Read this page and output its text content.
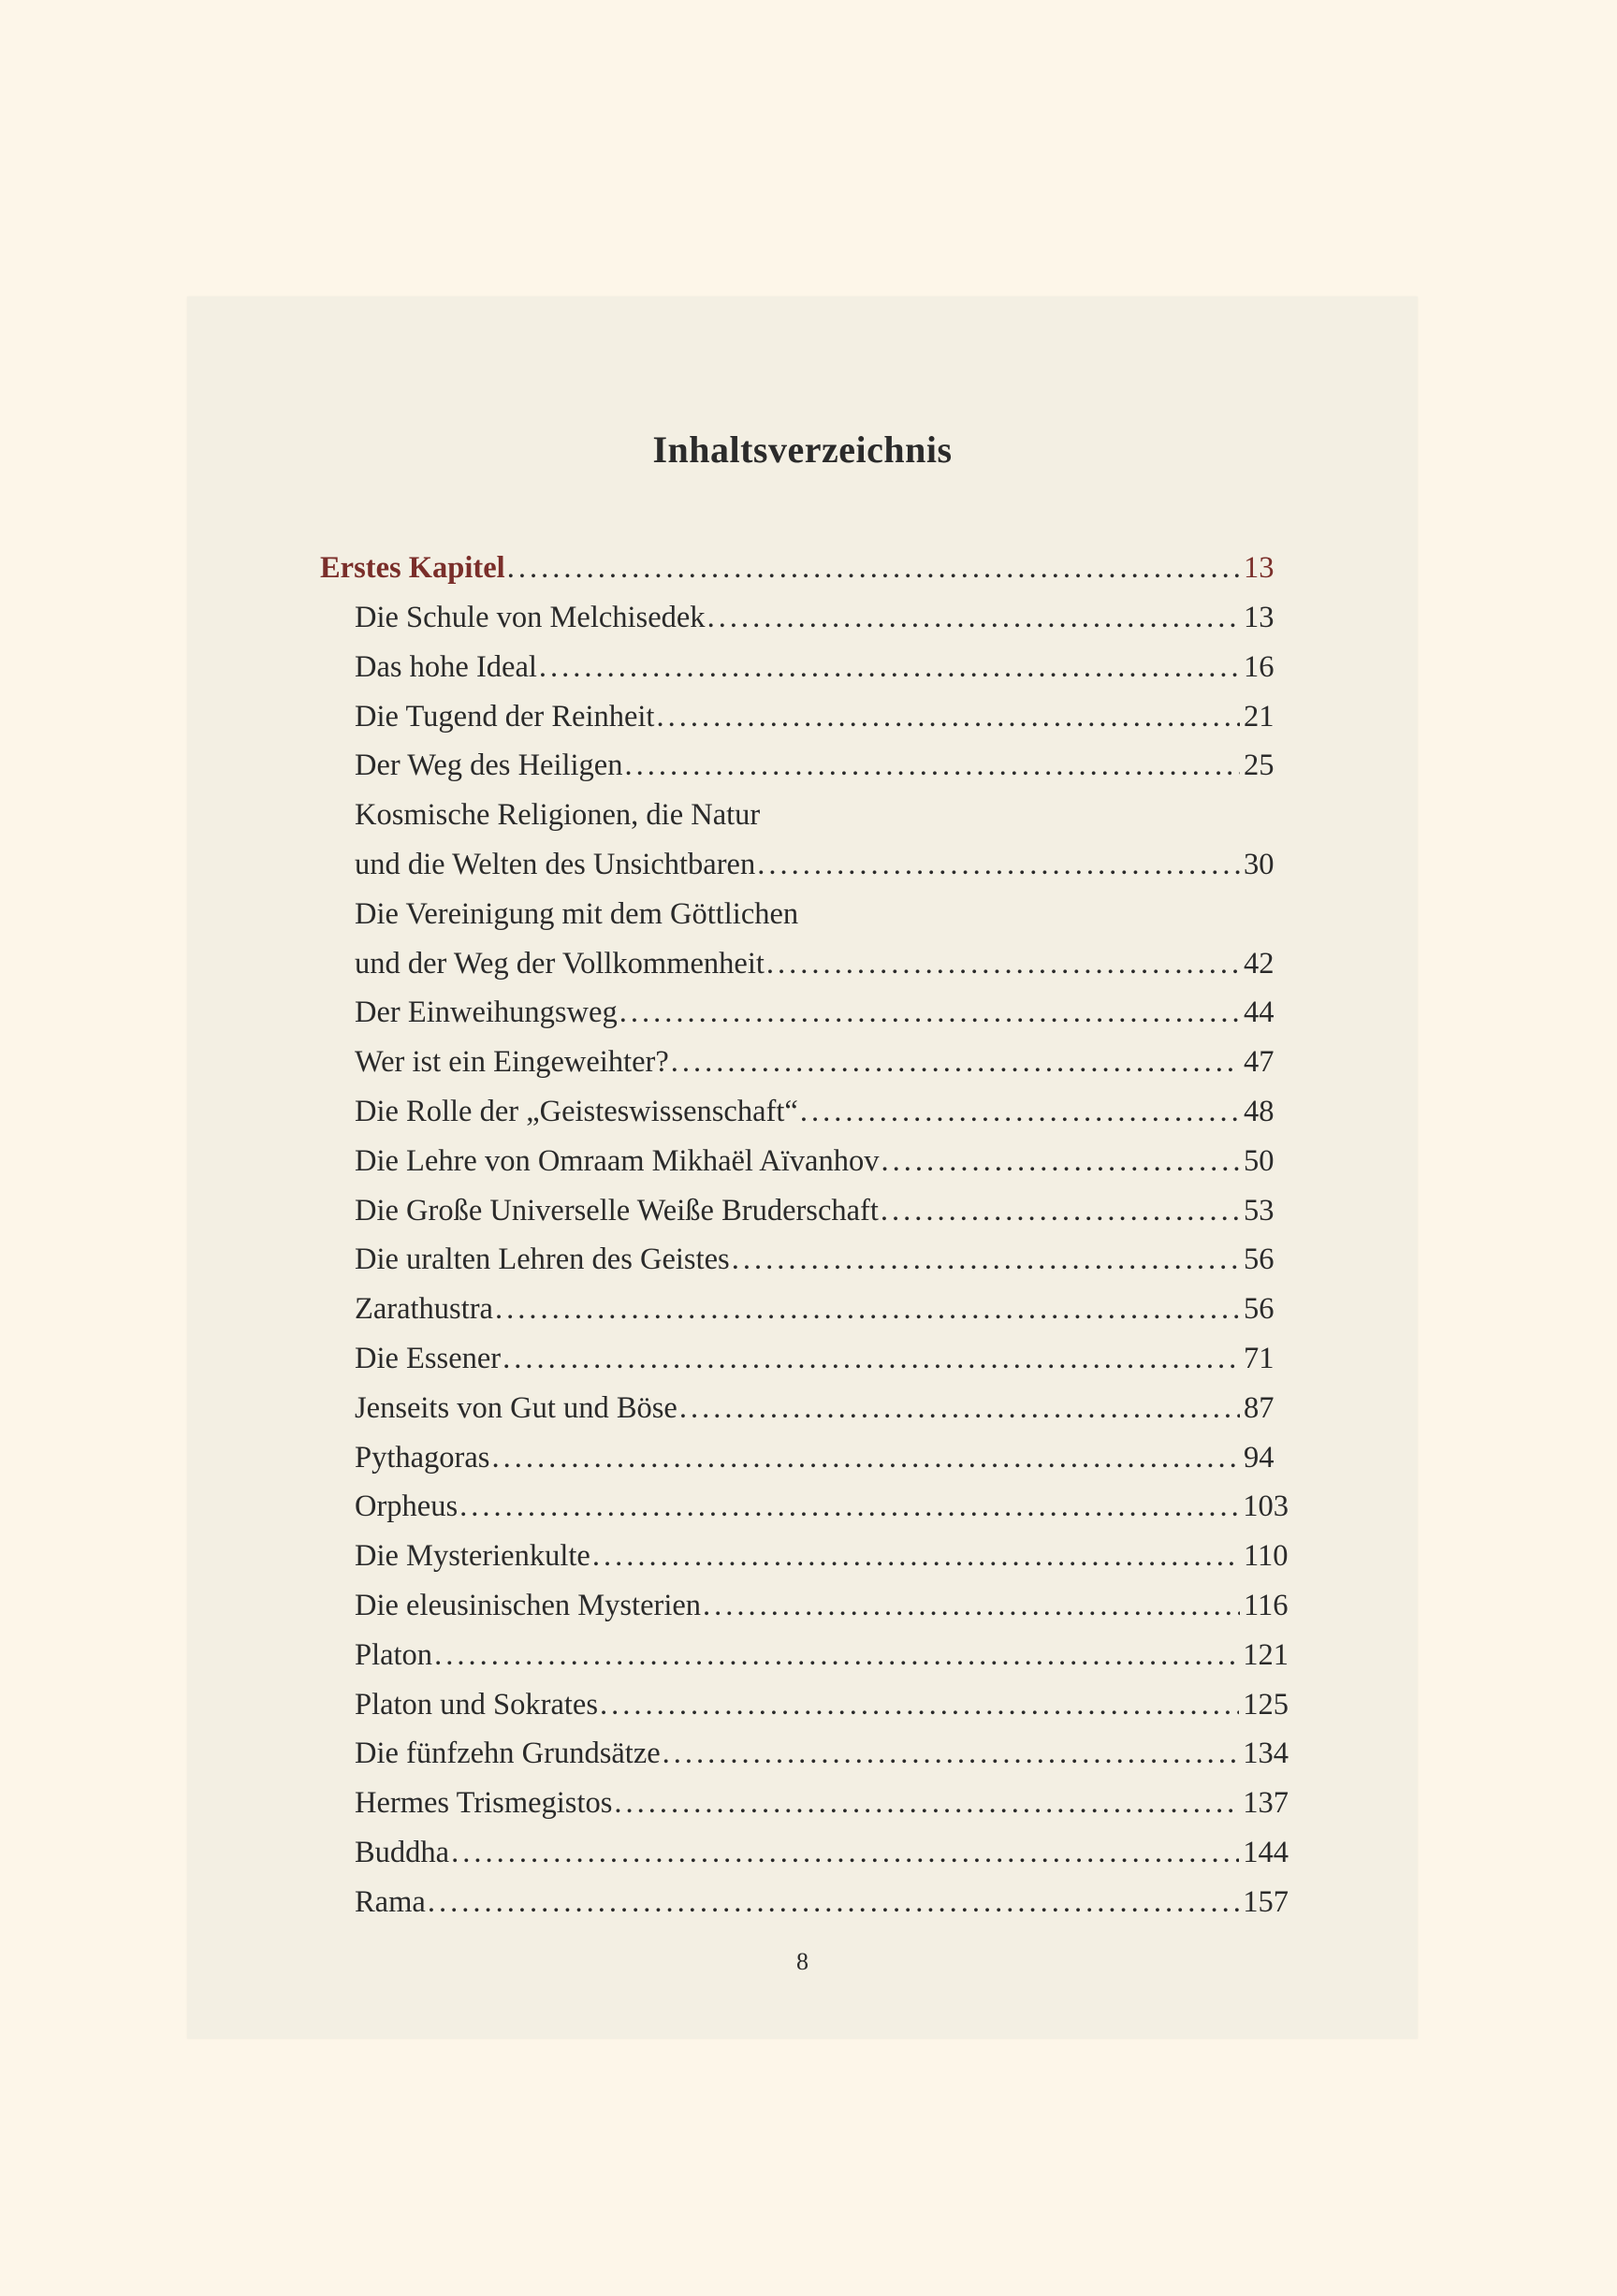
Inhaltsverzeichnis
Erstes Kapitel .....	13
Die Schule von Melchisedek .....	13
Das hohe Ideal .....	16
Die Tugend der Reinheit .....	21
Der Weg des Heiligen .....	25
Kosmische Religionen, die Natur
und die Welten des Unsichtbaren .....	30
Die Vereinigung mit dem Göttlichen
und der Weg der Vollkommenheit .....	42
Der Einweihungsweg .....	44
Wer ist ein Eingeweihter? .....	47
Die Rolle der „Geisteswissenschaft“ .....	48
Die Lehre von Omraam Mikhaël Aïvanhov .....	50
Die Große Universelle Weiße Bruderschaft .....	53
Die uralten Lehren des Geistes .....	56
Zarathustra .....	56
Die Essener .....	71
Jenseits von Gut und Böse .....	87
Pythagoras .....	94
Orpheus .....	103
Die Mysterienkulte .....	110
Die eleusinischen Mysterien .....	116
Platon .....	121
Platon und Sokrates .....	125
Die fünfzehn Grundsätze .....	134
Hermes Trismegistos .....	137
Buddha .....	144
Rama .....	157
8
